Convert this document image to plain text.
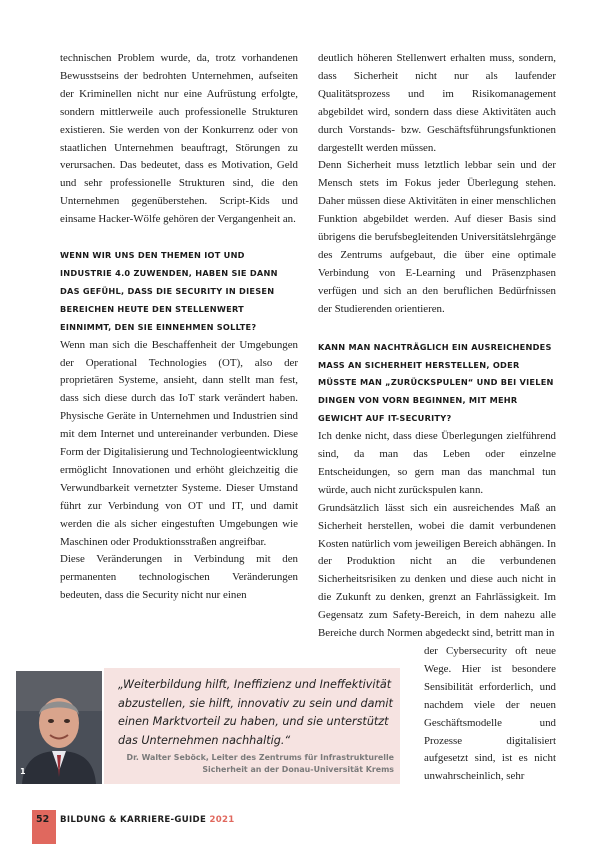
technischen Problem wurde, da, trotz vorhandenen Bewusstseins der bedrohten Unternehmen, aufseiten der Kriminellen nicht nur eine Aufrüstung erfolgte, sondern mittlerweile auch professionelle Strukturen existieren. Sie werden von der Konkurrenz oder von staatlichen Unternehmen beauftragt, Störungen zu verursachen. Das bedeutet, dass es Motivation, Geld und sehr professionelle Strukturen sind, die den Unternehmen gegenüberstehen. Script-Kids und einsame Hacker-Wölfe gehören der Vergangenheit an.

WENN WIR UNS DEN THEMEN IOT UND INDUSTRIE 4.0 ZUWENDEN, HABEN SIE DANN DAS GEFÜHL, DASS DIE SECURITY IN DIESEN BEREICHEN HEUTE DEN STELLENWERT EINNIMMT, DEN SIE EINNEHMEN SOLLTE?

Wenn man sich die Beschaffenheit der Umgebungen der Operational Technologies (OT), also der proprietären Systeme, ansieht, dann stellt man fest, dass sich diese durch das IoT stark verändert haben. Physische Geräte in Unternehmen und Industrien sind mit dem Internet und untereinander verbunden. Diese Form der Digitalisierung und Technologieentwicklung ermöglicht Innovationen und erhöht gleichzeitig die Verwundbarkeit vernetzter Systeme. Dieser Umstand führt zur Verbindung von OT und IT, und damit werden die als sicher eingestuften Umgebungen wie Maschinen oder Produktionsstraßen angreifbar.

Diese Veränderungen in Verbindung mit den permanenten technologischen Veränderungen bedeuten, dass die Security nicht nur einen

deutlich höheren Stellenwert erhalten muss, sondern, dass Sicherheit nicht nur als laufender Qualitätsprozess und im Risikomanagement abgebildet wird, sondern dass diese Aktivitäten auch durch Vorstands- bzw. Geschäftsführungsfunktionen dargestellt werden müssen.

Denn Sicherheit muss letztlich lebbar sein und der Mensch stets im Fokus jeder Überlegung stehen. Daher müssen diese Aktivitäten in einer menschlichen Funktion abgebildet werden. Auf dieser Basis sind übrigens die berufsbegleitenden Universitätslehrgänge des Zentrums aufgebaut, die über eine optimale Verbindung von E-Learning und Präsenzphasen verfügen und sich an den beruflichen Bedürfnissen der Studierenden orientieren.

KANN MAN NACHTRÄGLICH EIN AUSREICHENDES MASS AN SICHERHEIT HERSTELLEN, ODER MÜSSTE MAN „ZURÜCKSPULEN“ UND BEI VIELEN DINGEN VON VORN BEGINNEN, MIT MEHR GEWICHT AUF IT-SECURITY?

Ich denke nicht, dass diese Überlegungen zielführend sind, da man das Leben oder einzelne Entscheidungen, so gern man das manchmal tun würde, auch nicht zurückspulen kann.

Grundsätzlich lässt sich ein ausreichendes Maß an Sicherheit herstellen, wobei die damit verbundenen Kosten natürlich vom jeweiligen Bereich abhängen. In der Produktion nicht an die verbundenen Sicherheitsrisiken zu denken und diese auch nicht in die Zukunft zu denken, grenzt an Fahrlässigkeit. Im Gegensatz zum Safety-Bereich, in dem nahezu alle Bereiche durch Normen abgedeckt sind, betritt man in

der Cybersecurity oft neue Wege. Hier ist besondere Sensibilität erforderlich, und nachdem viele der neuen Geschäftsmodelle und Prozesse digitalisiert aufgesetzt sind, ist es nicht unwahrscheinlich, sehr

1
„Weiterbildung hilft, Ineffizienz und Ineffektivität abzustellen, sie hilft, innovativ zu sein und damit einen Marktvorteil zu haben, und sie unterstützt das Unternehmen nachhaltig.“
Dr. Walter Seböck, Leiter des Zentrums für Infrastrukturelle Sicherheit an der Donau-Universität Krems
52 BILDUNG & KARRIERE-GUIDE 2021
